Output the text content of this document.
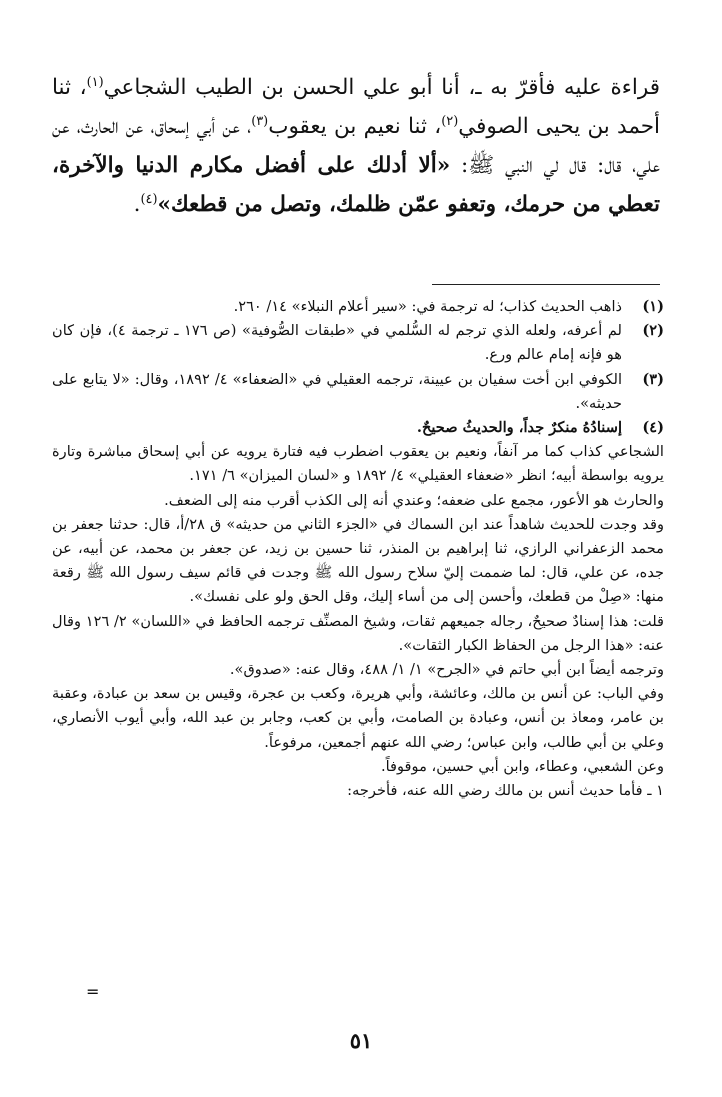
قراءة عليه فأقرّ به ـ، أنا أبو علي الحسن بن الطيب الشجاعي$^{(١)}$، ثنا أحمد بن يحيى الصوفي$^{(٢)}$، ثنا نعيم بن يعقوب$^{(٣)}$، عن أبي إسحاق، عن الحارث، عن علي، قال: قال لي النبي ﷺ: «ألا أدلك على أفضل مكارم الدنيا والآخرة، تعطي من حرمك، وتعفو عمّن ظلمك، وتصل من قطعك»$^{(٤)}$.

(١)
ذاهب الحديث كذاب؛ له ترجمة في: «سير أعلام النبلاء» ١٤/ ٢٦٠.
(٢)
لم أعرفه، ولعله الذي ترجم له السُّلمي في «طبقات الصُّوفية» (ص ١٧٦ ـ ترجمة ٤)، فإن كان هو فإنه إمام عالم ورع.
(٣)
الكوفي ابن أخت سفيان بن عيينة، ترجمه العقيلي في «الضعفاء» ٤/ ١٨٩٢، وقال: «لا يتابع على حديثه».
(٤)
إسنادُهُ منكرٌ جداً، والحديثُ صحيحٌ.

الشجاعي كذاب كما مر آنفاً، ونعيم بن يعقوب اضطرب فيه فتارة يرويه عن أبي إسحاق مباشرة وتارة يرويه بواسطة أبيه؛ انظر «ضعفاء العقيلي» ٤/ ١٨٩٢ و «لسان الميزان» ٦/ ١٧١.

والحارث هو الأعور، مجمع على ضعفه؛ وعندي أنه إلى الكذب أقرب منه إلى الضعف.

وقد وجدت للحديث شاهداً عند ابن السماك في «الجزء الثاني من حديثه» ق ٢٨/أ، قال: حدثنا جعفر بن محمد الزعفراني الرازي، ثنا إبراهيم بن المنذر، ثنا حسين بن زيد، عن جعفر بن محمد، عن أبيه، عن جده، عن علي، قال: لما ضممت إليّ سلاح رسول الله ﷺ وجدت في قائم سيف رسول الله ﷺ رقعة منها: «صِلْ من قطعك، وأحسن إلى من أساء إليك، وقل الحق ولو على نفسك».

قلت: هذا إسنادٌ صحيحٌ، رجاله جميعهم ثقات، وشيخ المصنِّف ترجمه الحافظ في «اللسان» ٢/ ١٢٦ وقال عنه: «هذا الرجل من الحفاظ الكبار الثقات».

وترجمه أيضاً ابن أبي حاتم في «الجرح» ١/ ١/ ٤٨٨، وقال عنه: «صدوق».

وفي الباب: عن أنس بن مالك، وعائشة، وأبي هريرة، وكعب بن عجرة، وقيس بن سعد بن عبادة، وعقبة بن عامر، ومعاذ بن أنس، وعبادة بن الصامت، وأبي بن كعب، وجابر بن عبد الله، وأبي أيوب الأنصاري، وعلي بن أبي طالب، وابن عباس؛ رضي الله عنهم أجمعين، مرفوعاً.

وعن الشعبي، وعطاء، وابن أبي حسين، موقوفاً.

١ ـ فأما حديث أنس بن مالك رضي الله عنه، فأخرجه:

=
٥١
